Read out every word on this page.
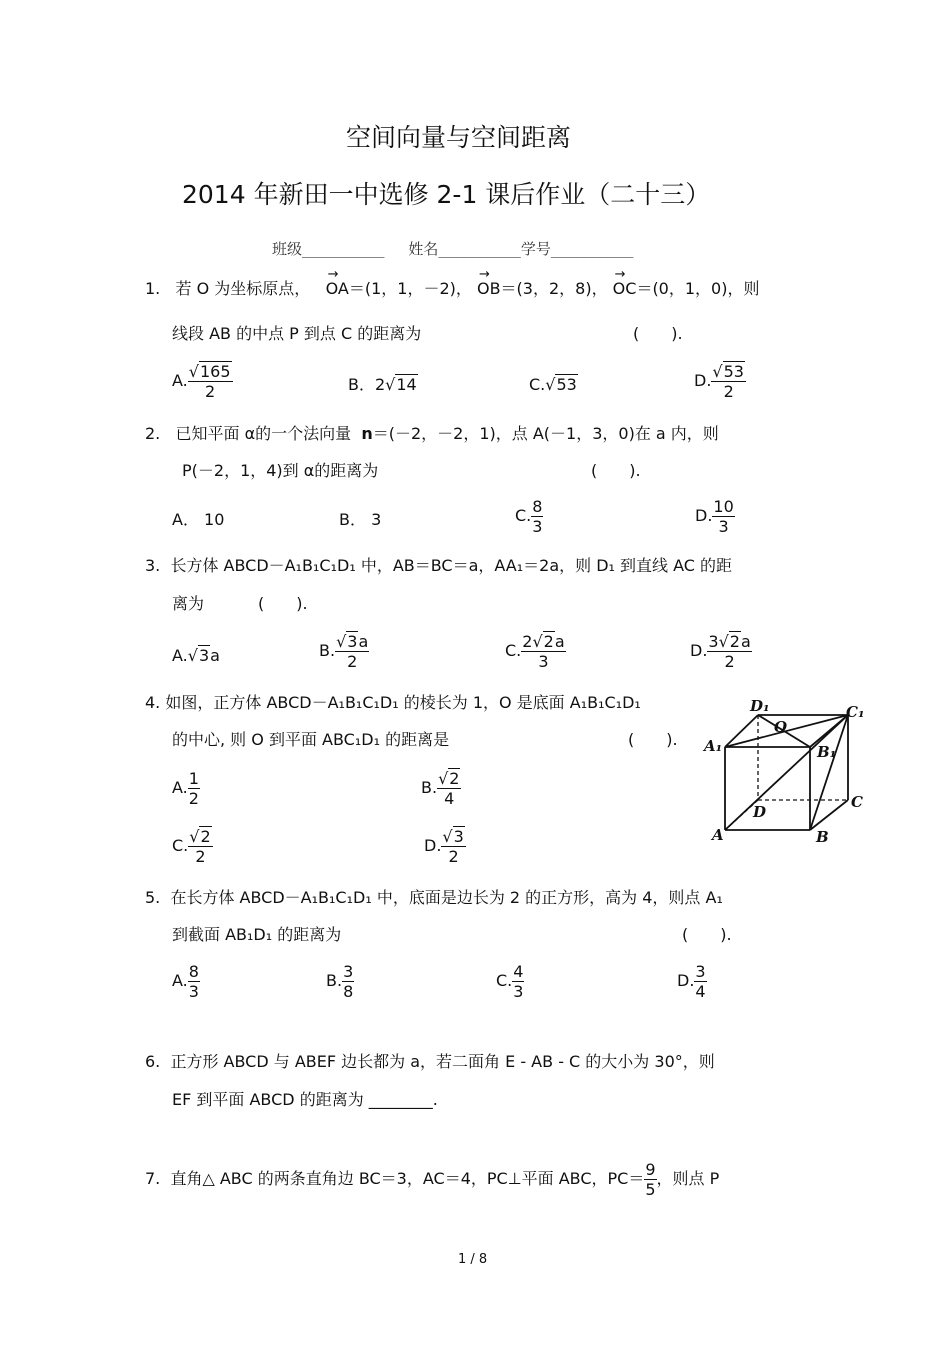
空间向量与空间距离
2014 年新田一中选修 2-1 课后作业（二十三）
班级___________ 姓名___________学号___________
1. 若 O 为坐标原点， → OA＝(1，1，－2)， → OB＝(3，2，8)， → OC＝(0，1，0)，则
线段 AB 的中点 P 到点 C 的距离为	(　　).
A. $\frac{√165}{2}$	B．2√14	C.√53	D. $\frac{√53}{2}$
2. 已知平面 α的一个法向量 n＝(－2，－2，1)，点 A(－1，3，0)在 a 内，则
P(－2，1，4)到 α的距离为	(　　).
A． 10	B． 3	C. $\frac{8}{3}$	D. $\frac{10}{3}$
3. 长方体 ABCD－A₁B₁C₁D₁ 中，AB＝BC＝a，AA₁＝2a，则 D₁ 到直线 AC 的距
离为	(　　).
A.√3a	B. $\frac{√3a}{2}$	C. $\frac{2√2a}{3}$	D. $\frac{3√2a}{2}$
4. 如图，正方体 ABCD－A₁B₁C₁D₁ 的棱长为 1，O 是底面 A₁B₁C₁D₁
的中心, 则 O 到平面 ABC₁D₁ 的距离是	(　　).
A. $\frac{1}{2}$	B. $\frac{√2}{4}$
C. $\frac{√2}{2}$	D. $\frac{√3}{2}$
D₁	C₁
O
A₁	B₁
D
C
A	B
5. 在长方体 ABCD－A₁B₁C₁D₁ 中，底面是边长为 2 的正方形，高为 4，则点 A₁
到截面 AB₁D₁ 的距离为	(　　).
A. $\frac{8}{3}$	B. $\frac{3}{8}$	C. $\frac{4}{3}$	D. $\frac{3}{4}$
6. 正方形 ABCD 与 ABEF 边长都为 a，若二面角 E - AB - C 的大小为 30°，则
EF 到平面 ABCD 的距离为 ________.
7. 直角△ ABC 的两条直角边 BC＝3，AC＝4，PC⊥平面 ABC，$PC= \frac{9}{5}$ ，则点 P
1 / 8
